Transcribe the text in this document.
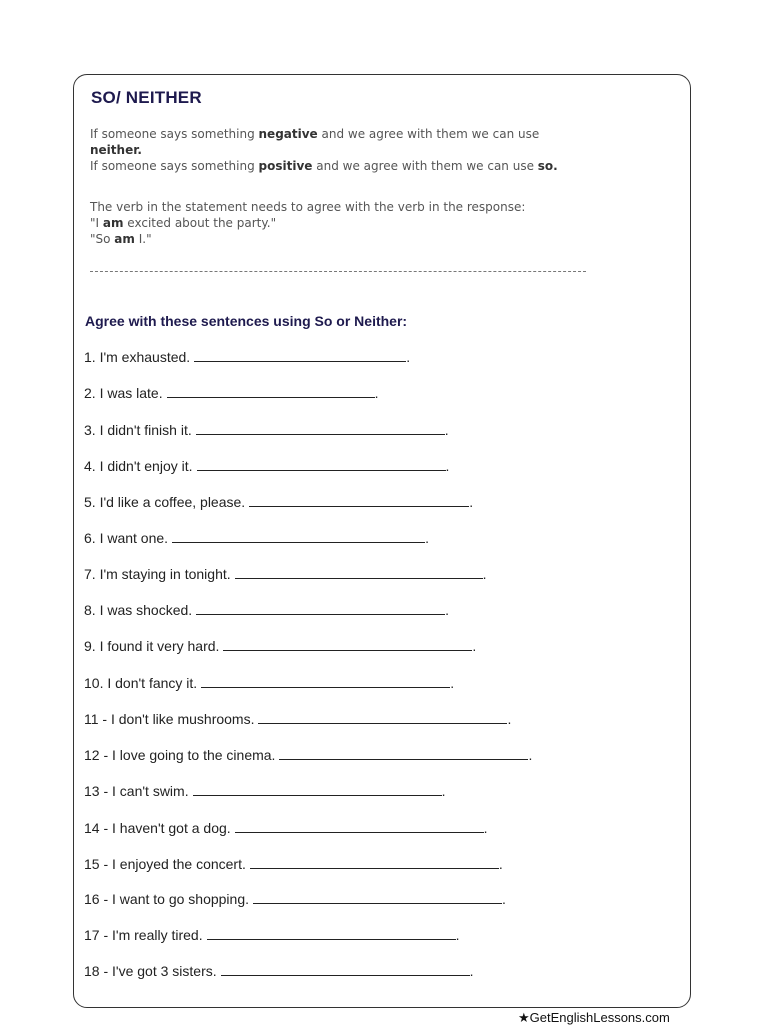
SO/ NEITHER
If someone says something negative and we agree with them we can use
neither.
If someone says something positive and we agree with them we can use so.
The verb in the statement needs to agree with the verb in the response:
"I am excited about the party."
"So am I."
Agree with these sentences using So or Neither:
1. I'm exhausted.	.
2. I was late.	.
3. I didn't finish it.	.
4. I didn't enjoy it.	.
5. I'd like a coffee, please.	.
6. I want one.	.
7. I'm staying in tonight.	.
8. I was shocked.	.
9. I found it very hard.	.
10. I don't fancy it.	.
11 - I don't like mushrooms.	.
12 - I love going to the cinema.	.
13 - I can't swim.	.
14 - I haven't got a dog.	.
15 - I enjoyed the concert.	.
16 - I want to go shopping.	.
17 - I'm really tired.	.
18 - I've got 3 sisters.	.
★GetEnglishLessons.com
